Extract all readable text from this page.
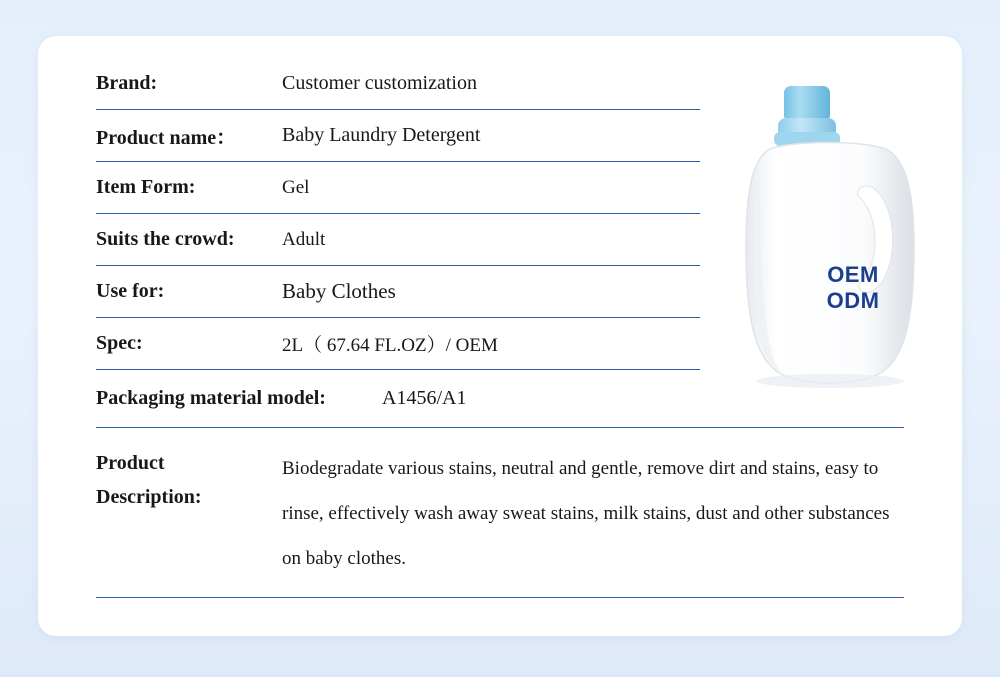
Brand:	Customer customization
Product name：	Baby Laundry Detergent
Item Form:	Gel
Suits the crowd:	Adult
Use for:	Baby Clothes
Spec:	2L（ 67.64 FL.OZ）/ OEM
Packaging material model:	A1456/A1
Product
Description:
Biodegradate various stains, neutral and gentle, remove dirt and stains, easy to rinse, effectively wash away sweat stains, milk stains, dust and other substances on baby clothes.
OEM
ODM
